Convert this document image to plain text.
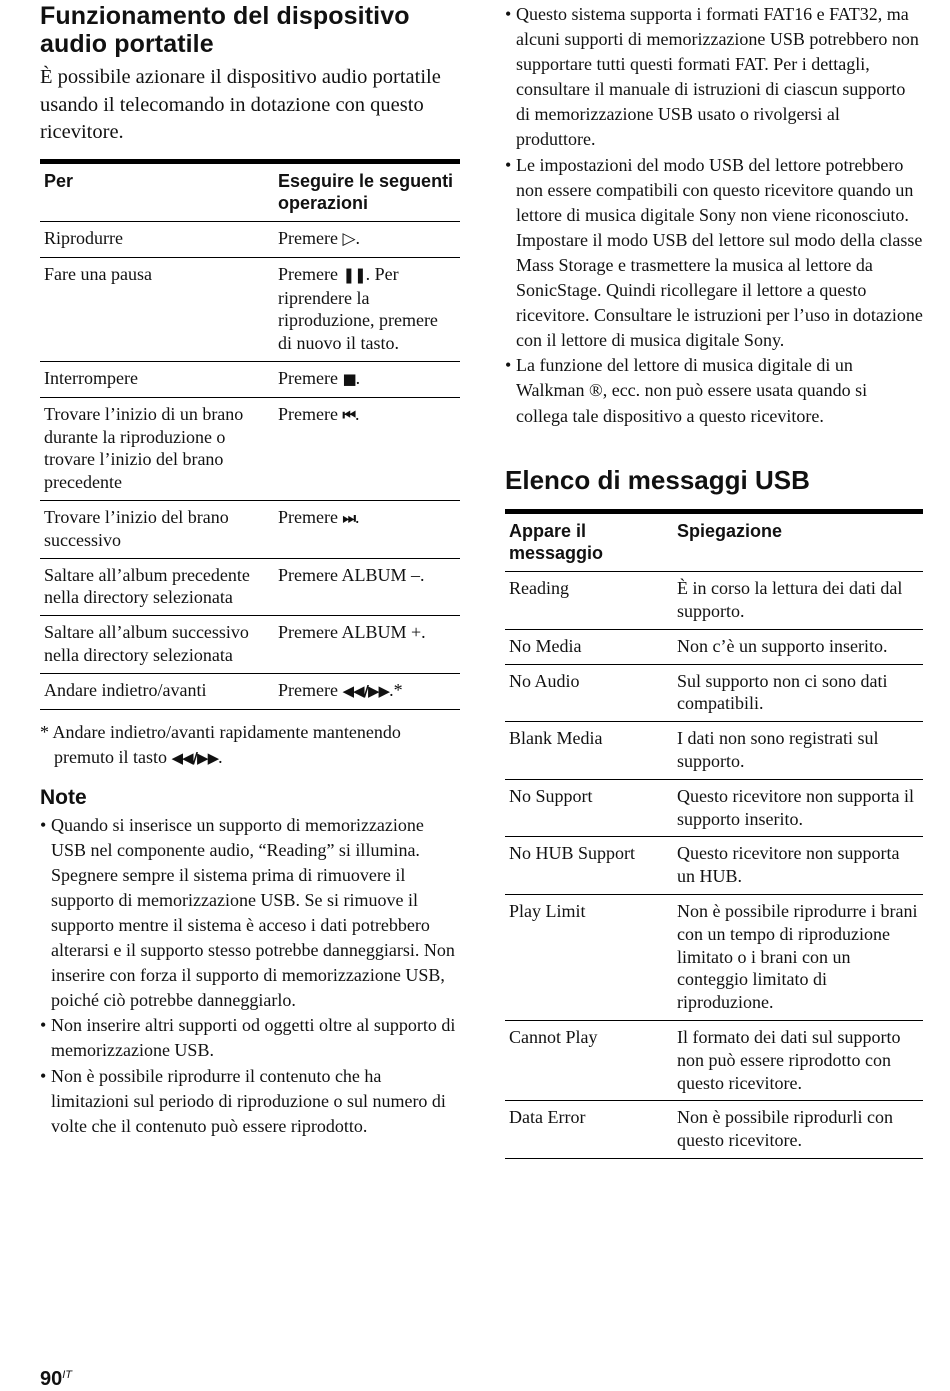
Funzionamento del dispositivo audio portatile

È possibile azionare il dispositivo audio portatile usando il telecomando in dotazione con questo ricevitore.

Per	Eseguire le seguenti operazioni
Riprodurre	Premere ▷.
Fare una pausa	Premere ❚❚. Per riprendere la riproduzione, premere di nuovo il tasto.
Interrompere	Premere ■.
Trovare l’inizio di un brano durante la riproduzione o trovare l’inizio del brano precedente	Premere ⏮.
Trovare l’inizio del brano successivo	Premere ⏭.
Saltare all’album precedente nella directory selezionata	Premere ALBUM –.
Saltare all’album successivo nella directory selezionata	Premere ALBUM +.
Andare indietro/avanti	Premere ◀◀/▶▶.*

* Andare indietro/avanti rapidamente mantenendo premuto il tasto ◀◀/▶▶.

Note
• Quando si inserisce un supporto di memorizzazione USB nel componente audio, “Reading” si illumina. Spegnere sempre il sistema prima di rimuovere il supporto di memorizzazione USB. Se si rimuove il supporto mentre il sistema è acceso i dati potrebbero alterarsi e il supporto stesso potrebbe danneggiarsi. Non inserire con forza il supporto di memorizzazione USB, poiché ciò potrebbe danneggiarlo.
• Non inserire altri supporti od oggetti oltre al supporto di memorizzazione USB.
• Non è possibile riprodurre il contenuto che ha limitazioni sul periodo di riproduzione o sul numero di volte che il contenuto può essere riprodotto.
• Questo sistema supporta i formati FAT16 e FAT32, ma alcuni supporti di memorizzazione USB potrebbero non supportare tutti questi formati FAT. Per i dettagli, consultare il manuale di istruzioni di ciascun supporto di memorizzazione USB usato o rivolgersi al produttore.
• Le impostazioni del modo USB del lettore potrebbero non essere compatibili con questo ricevitore quando un lettore di musica digitale Sony non viene riconosciuto. Impostare il modo USB del lettore sul modo della classe Mass Storage e trasmettere la musica al lettore da SonicStage. Quindi ricollegare il lettore a questo ricevitore. Consultare le istruzioni per l’uso in dotazione con il lettore di musica digitale Sony.
• La funzione del lettore di musica digitale di un Walkman ®, ecc. non può essere usata quando si collega tale dispositivo a questo ricevitore.
Elenco di messaggi USB
Appare il messaggio	Spiegazione
Reading	È in corso la lettura dei dati dal supporto.
No Media	Non c’è un supporto inserito.
No Audio	Sul supporto non ci sono dati compatibili.
Blank Media	I dati non sono registrati sul supporto.
No Support	Questo ricevitore non supporta il supporto inserito.
No HUB Support	Questo ricevitore non supporta un HUB.
Play Limit	Non è possibile riprodurre i brani con un tempo di riproduzione limitato o i brani con un conteggio limitato di riproduzione.
Cannot Play	Il formato dei dati sul supporto non può essere riprodotto con questo ricevitore.
Data Error	Non è possibile riprodurli con questo ricevitore.
$90^{IT}$
